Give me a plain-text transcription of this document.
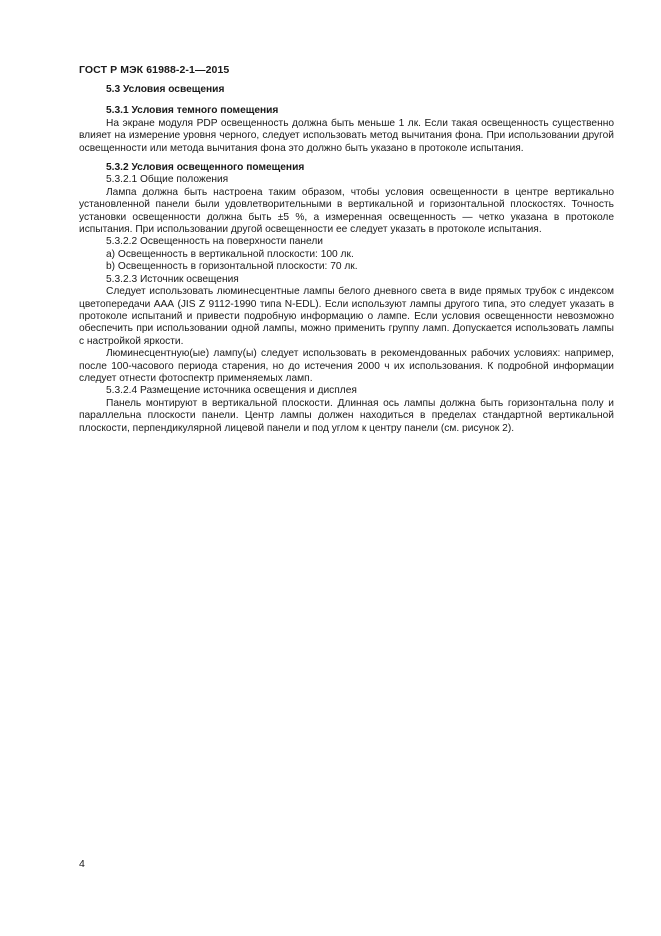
ГОСТ Р МЭК 61988-2-1—2015

5.3 Условия освещения

5.3.1 Условия темного помещения

На экране модуля PDP освещенность должна быть меньше 1 лк. Если такая освещенность существенно влияет на измерение уровня черного, следует использовать метод вычитания фона. При использовании другой освещенности или метода вычитания фона это должно быть указано в протоколе испытания.

5.3.2 Условия освещенного помещения

5.3.2.1 Общие положения

Лампа должна быть настроена таким образом, чтобы условия освещенности в центре вертикально установленной панели были удовлетворительными в вертикальной и горизонтальной плоскостях. Точность установки освещенности должна быть ±5 %, а измеренная освещенность — четко указана в протоколе испытания. При использовании другой освещенности ее следует указать в протоколе испытания.

5.3.2.2 Освещенность на поверхности панели

a) Освещенность в вертикальной плоскости: 100 лк.

b) Освещенность в горизонтальной плоскости: 70 лк.

5.3.2.3 Источник освещения

Следует использовать люминесцентные лампы белого дневного света в виде прямых трубок с индексом цветопередачи ААА (JIS Z 9112-1990 типа N-EDL). Если используют лампы другого типа, это следует указать в протоколе испытаний и привести подробную информацию о лампе. Если условия освещенности невозможно обеспечить при использовании одной лампы, можно применить группу ламп. Допускается использовать лампы с настройкой яркости.

Люминесцентную(ые) лампу(ы) следует использовать в рекомендованных рабочих условиях: например, после 100-часового периода старения, но до истечения 2000 ч их использования. К подробной информации следует отнести фотоспектр применяемых ламп.

5.3.2.4 Размещение источника освещения и дисплея

Панель монтируют в вертикальной плоскости. Длинная ось лампы должна быть горизонтальна полу и параллельна плоскости панели. Центр лампы должен находиться в пределах стандартной вертикальной плоскости, перпендикулярной лицевой панели и под углом к центру панели (см. рисунок 2).

4
